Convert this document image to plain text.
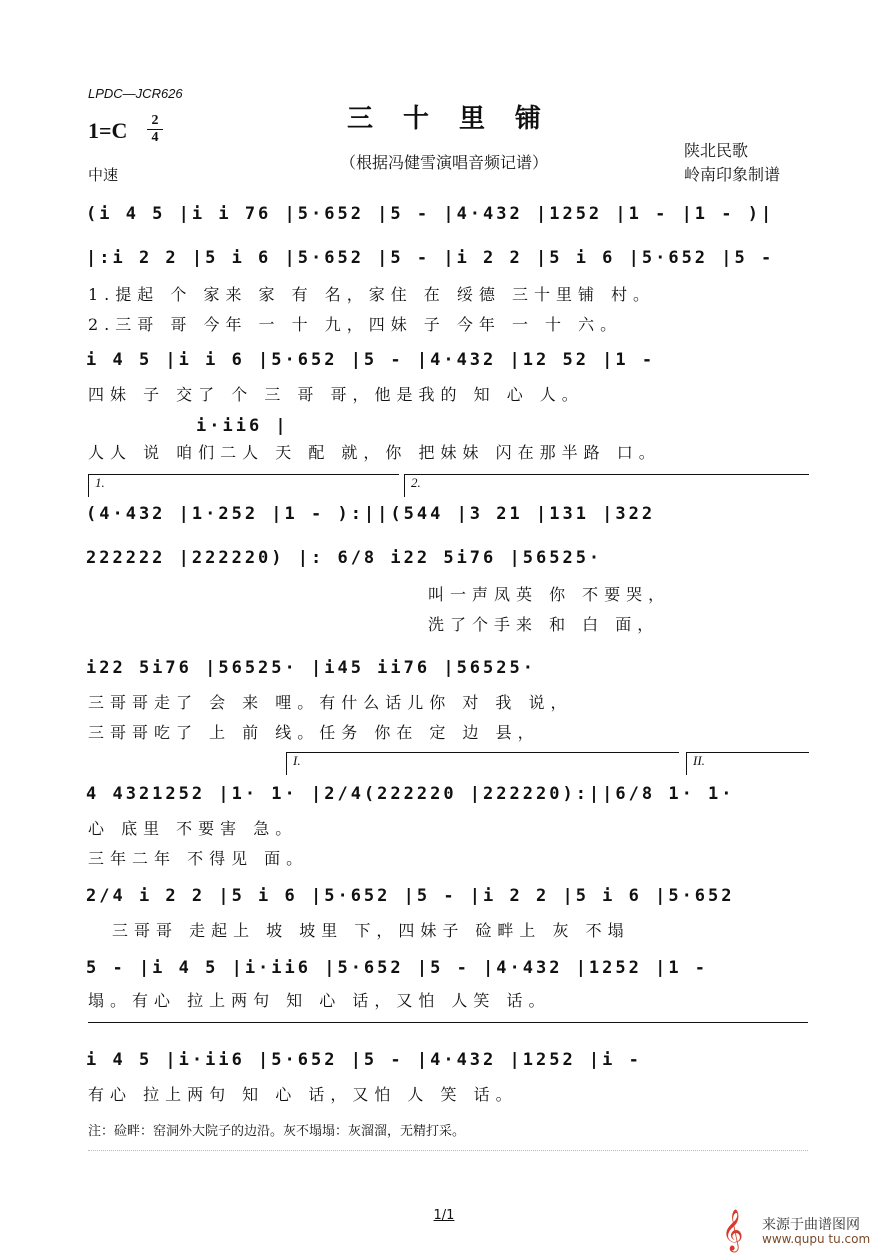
LPDC—JCR626
1=C	2
4
三十里铺
（根据冯健雪演唱音频记谱）
陕北民歌
岭南印象制谱
中速
(i 4 5 |i i 76 |5·652 |5 - |4·432 |1252 |1 - |1 - )|
|:i 2 2 |5 i 6 |5·652 |5 - |i 2 2 |5 i 6 |5·652 |5 -
1.提起 个 家来 家 有 名，家住 在 绥德 三十里铺 村。
2.三哥 哥 今年 一 十 九，四妹 子 今年 一 十 六。
i 4 5 |i i 6 |5·652 |5 - |4·432 |12 52 |1 -
四妹 子 交了 个 三 哥 哥，他是我的 知 心 人。
i·ii6 |
人人 说 咱们二人 天 配 就，你 把妹妹 闪在那半路 口。
1.	2.
(4·432 |1·252 |1 - ):||(544 |3 21 |131 |322
222222 |222220) |: 6/8 i22 5i76 |56525·
叫一声凤英 你 不要哭，
洗了个手来 和 白 面，
i22 5i76 |56525· |i45 ii76 |56525·
三哥哥走了 会 来 哩。有什么话儿你 对 我 说，
三哥哥吃了 上 前 线。任务 你在 定 边 县，
I.	II.
4 4321252 |1· 1· |2/4(222220 |222220):||6/8 1· 1·
心 底里 不要害 急。
三年二年 不得见 面。
2/4 i 2 2 |5 i 6 |5·652 |5 - |i 2 2 |5 i 6 |5·652
三哥哥 走起上 坡 坡里 下，四妹子 硷畔上 灰 不塌
5 - |i 4 5 |i·ii6 |5·652 |5 - |4·432 |1252 |1 -
塌。有心 拉上两句 知 心 话，又怕 人笑 话。
i 4 5 |i·ii6 |5·652 |5 - |4·432 |1252 |i -
有心 拉上两句 知 心 话，又怕 人 笑 话。
注：硷畔：窑洞外大院子的边沿。灰不塌塌：灰溜溜，无精打采。
1/1	𝄞 来源于曲谱图网
www.qupu tu.com
